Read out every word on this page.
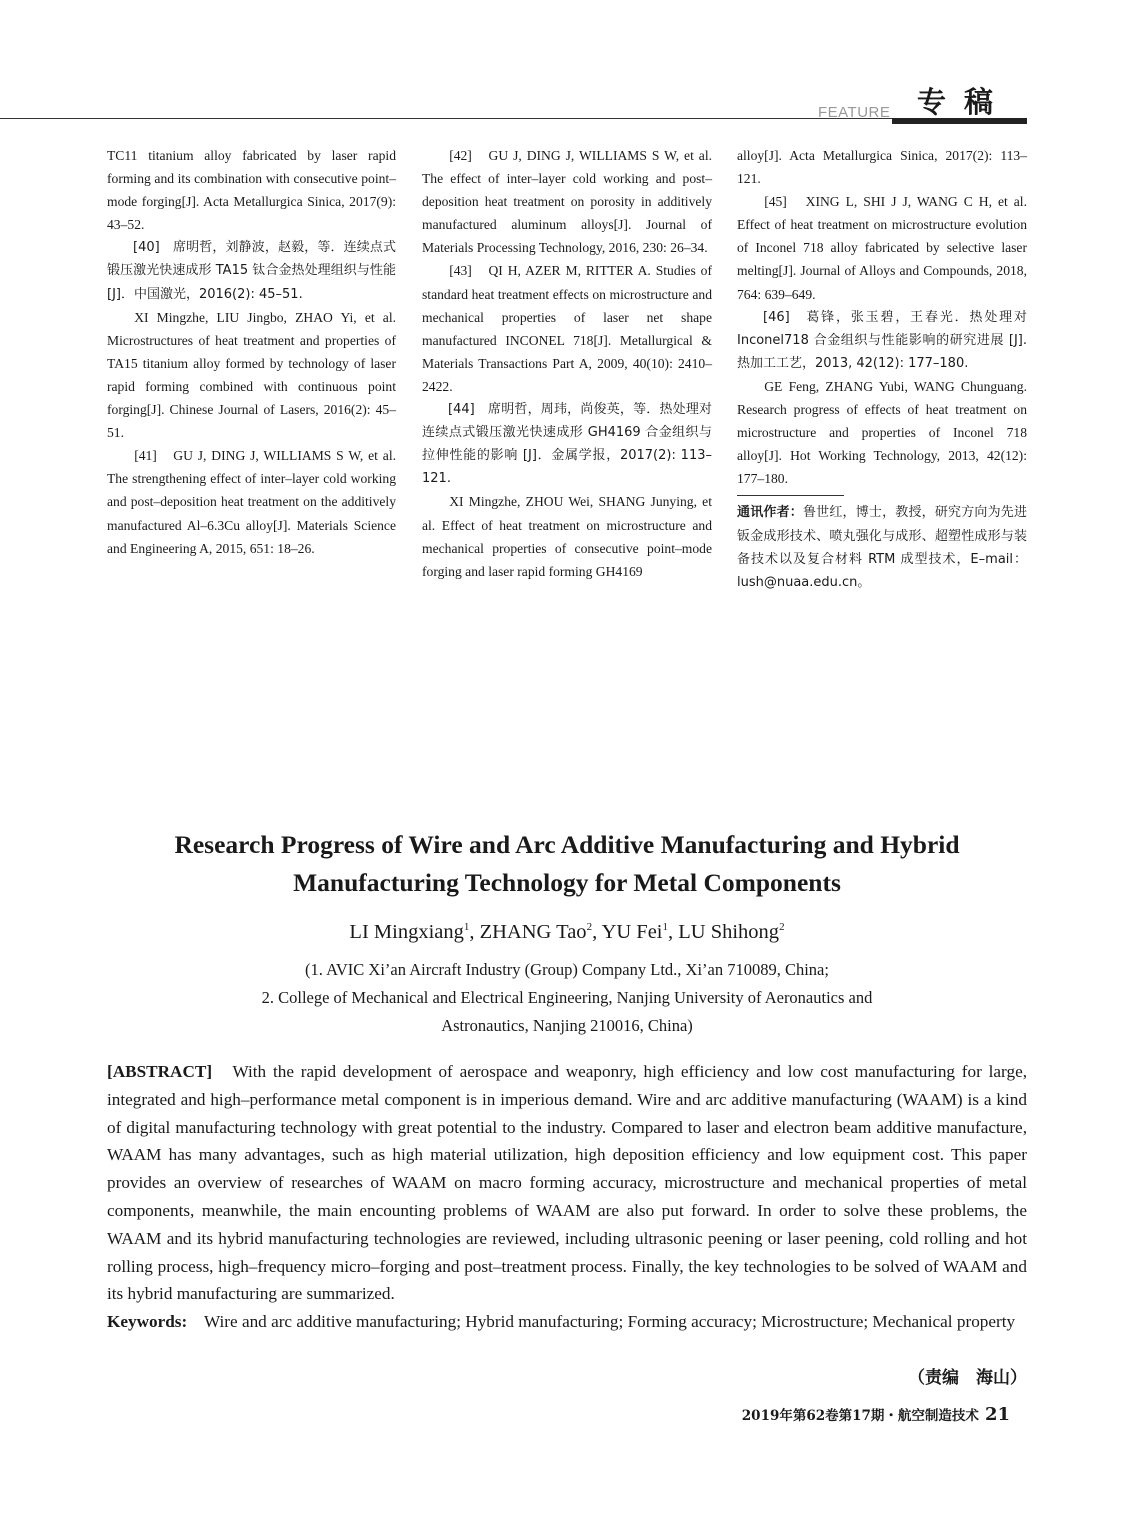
FEATURE 专稿

TC11 titanium alloy fabricated by laser rapid forming and its combination with consecutive point–mode forging[J]. Acta Metallurgica Sinica, 2017(9): 43–52.

[40]　席明哲，刘静波，赵毅，等．连续点式锻压激光快速成形 TA15 钛合金热处理组织与性能 [J]．中国激光，2016(2): 45–51.

XI Mingzhe, LIU Jingbo, ZHAO Yi, et al. Microstructures of heat treatment and properties of TA15 titanium alloy formed by technology of laser rapid forming combined with continuous point forging[J]. Chinese Journal of Lasers, 2016(2): 45–51.

[41]　GU J, DING J, WILLIAMS S W, et al. The strengthening effect of inter–layer cold working and post–deposition heat treatment on the additively manufactured Al–6.3Cu alloy[J]. Materials Science and Engineering A, 2015, 651: 18–26.

[42]　GU J, DING J, WILLIAMS S W, et al. The effect of inter–layer cold working and post–deposition heat treatment on porosity in additively manufactured aluminum alloys[J]. Journal of Materials Processing Technology, 2016, 230: 26–34.

[43]　QI H, AZER M, RITTER A. Studies of standard heat treatment effects on microstructure and mechanical properties of laser net shape manufactured INCONEL 718[J]. Metallurgical & Materials Transactions Part A, 2009, 40(10): 2410–2422.

[44]　席明哲，周玮，尚俊英，等．热处理对连续点式锻压激光快速成形 GH4169 合金组织与拉伸性能的影响 [J]．金属学报，2017(2): 113–121.

XI Mingzhe, ZHOU Wei, SHANG Junying, et al. Effect of heat treatment on microstructure and mechanical properties of consecutive point–mode forging and laser rapid forming GH4169

alloy[J]. Acta Metallurgica Sinica, 2017(2): 113–121.

[45]　XING L, SHI J J, WANG C H, et al. Effect of heat treatment on microstructure evolution of Inconel 718 alloy fabricated by selective laser melting[J]. Journal of Alloys and Compounds, 2018, 764: 639–649.

[46]　葛锋，张玉碧，王春光．热处理对 Inconel718 合金组织与性能影响的研究进展 [J]. 热加工工艺，2013, 42(12): 177–180.

GE Feng, ZHANG Yubi, WANG Chunguang. Research progress of effects of heat treatment on microstructure and properties of Inconel 718 alloy[J]. Hot Working Technology, 2013, 42(12): 177–180.

通讯作者：鲁世红，博士，教授，研究方向为先进钣金成形技术、喷丸强化与成形、超塑性成形与装备技术以及复合材料 RTM 成型技术，E–mail：lush@nuaa.edu.cn。
Research Progress of Wire and Arc Additive Manufacturing and Hybrid
Manufacturing Technology for Metal Components
LI Mingxiang$^1$, ZHANG Tao$^2$, YU Fei$^1$, LU Shihong$^2$
(1. AVIC Xi’an Aircraft Industry (Group) Company Ltd., Xi’an 710089, China;
2. College of Mechanical and Electrical Engineering, Nanjing University of Aeronautics and
Astronautics, Nanjing 210016, China)
[ABSTRACT] With the rapid development of aerospace and weaponry, high efficiency and low cost manufacturing for large, integrated and high–performance metal component is in imperious demand. Wire and arc additive manufacturing (WAAM) is a kind of digital manufacturing technology with great potential to the industry. Compared to laser and electron beam additive manufacture, WAAM has many advantages, such as high material utilization, high deposition efficiency and low equipment cost. This paper provides an overview of researches of WAAM on macro forming accuracy, microstructure and mechanical properties of metal components, meanwhile, the main encounting problems of WAAM are also put forward. In order to solve these problems, the WAAM and its hybrid manufacturing technologies are reviewed, including ultrasonic peening or laser peening, cold rolling and hot rolling process, high–frequency micro–forging and post–treatment process. Finally, the key technologies to be solved of WAAM and its hybrid manufacturing are summarized.
Keywords: Wire and arc additive manufacturing; Hybrid manufacturing; Forming accuracy; Microstructure; Mechanical property
（责编　海山）
2019年第62卷第17期・航空制造技术 21
